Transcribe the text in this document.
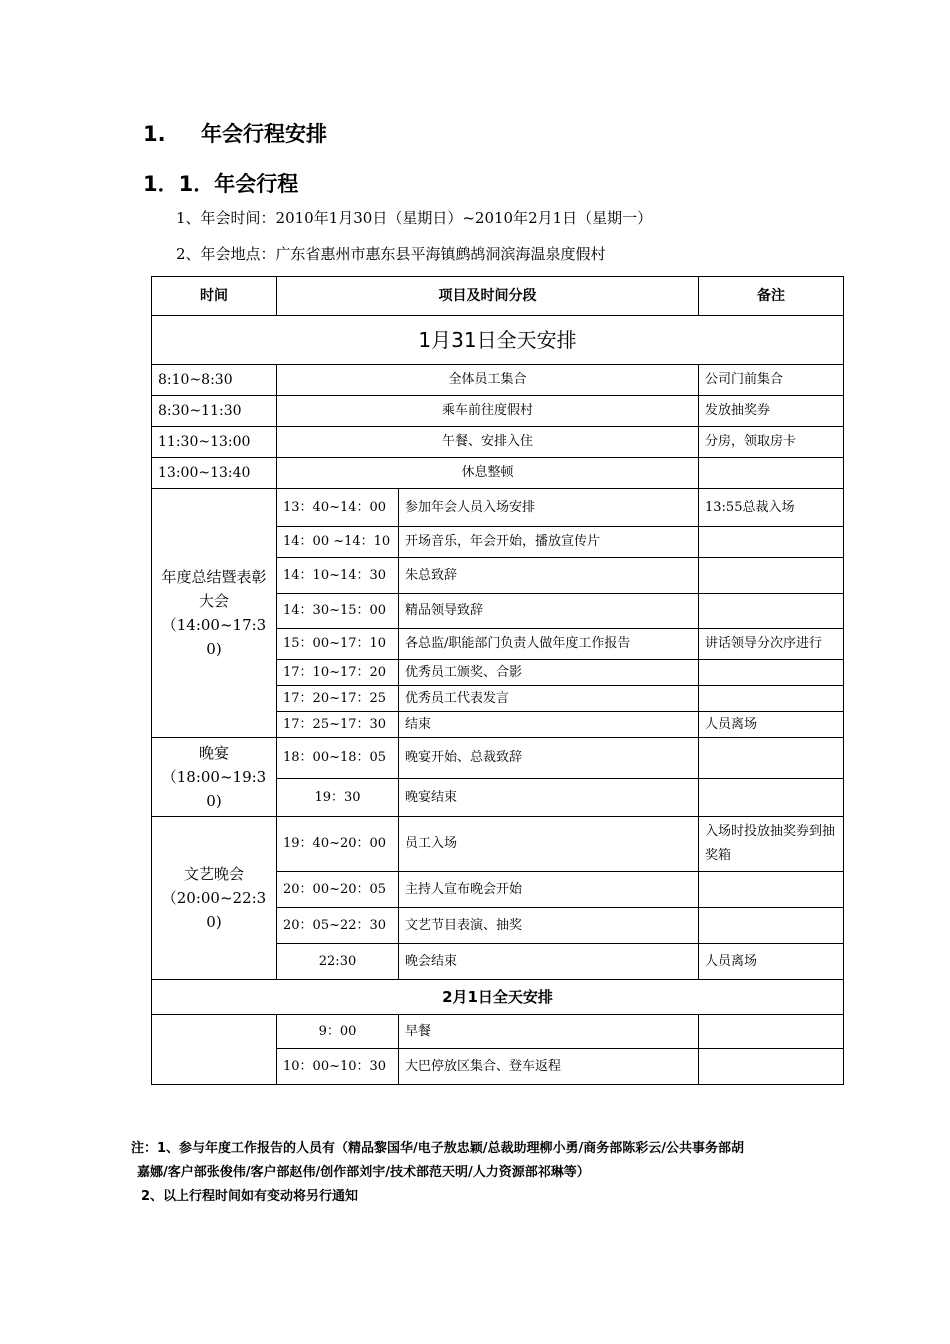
1. 年会行程安排
1．1．年会行程
1、年会时间：2010年1月30日（星期日）~2010年2月1日（星期一）
2、年会地点：广东省惠州市惠东县平海镇鹧鸪洞滨海温泉度假村
时间	项目及时间分段		备注
1月31日全天安排			
8:10~8:30	全体员工集合		公司门前集合
8:30~11:30	乘车前往度假村		发放抽奖券
11:30~13:00	午餐、安排入住		分房，领取房卡
13:00~13:40	休息整顿		
年度总结暨表彰大会
（14:00~17:30)	13：40~14：00	参加年会人员入场安排	13:55总裁入场
	14：00 ~14：10	开场音乐，年会开始，播放宣传片	
	14：10~14：30	朱总致辞	
	14：30~15：00	精品领导致辞	
	15：00~17：10	各总监/职能部门负责人做年度工作报告	讲话领导分次序进行
	17：10~17：20	优秀员工颁奖、合影	
	17：20~17：25	优秀员工代表发言	
	17：25~17：30	结束	人员离场
晚宴
（18:00~19:30)	18：00~18：05	晚宴开始、总裁致辞	
	19：30	晚宴结束	
文艺晚会
（20:00~22:30)	19：40~20：00	员工入场	入场时投放抽奖券到抽奖箱
	20：00~20：05	主持人宣布晚会开始	
	20：05~22：30	文艺节目表演、抽奖	
	22:30	晚会结束	人员离场
2月1日全天安排			
	9：00	早餐	
	10：00~10：30	大巴停放区集合、登车返程	
注：1、参与年度工作报告的人员有（精品黎国华/电子敖忠颖/总裁助理柳小勇/商务部陈彩云/公共事务部胡
嘉娜/客户部张俊伟/客户部赵伟/创作部刘宇/技术部范天明/人力资源部祁琳等）
2、以上行程时间如有变动将另行通知
